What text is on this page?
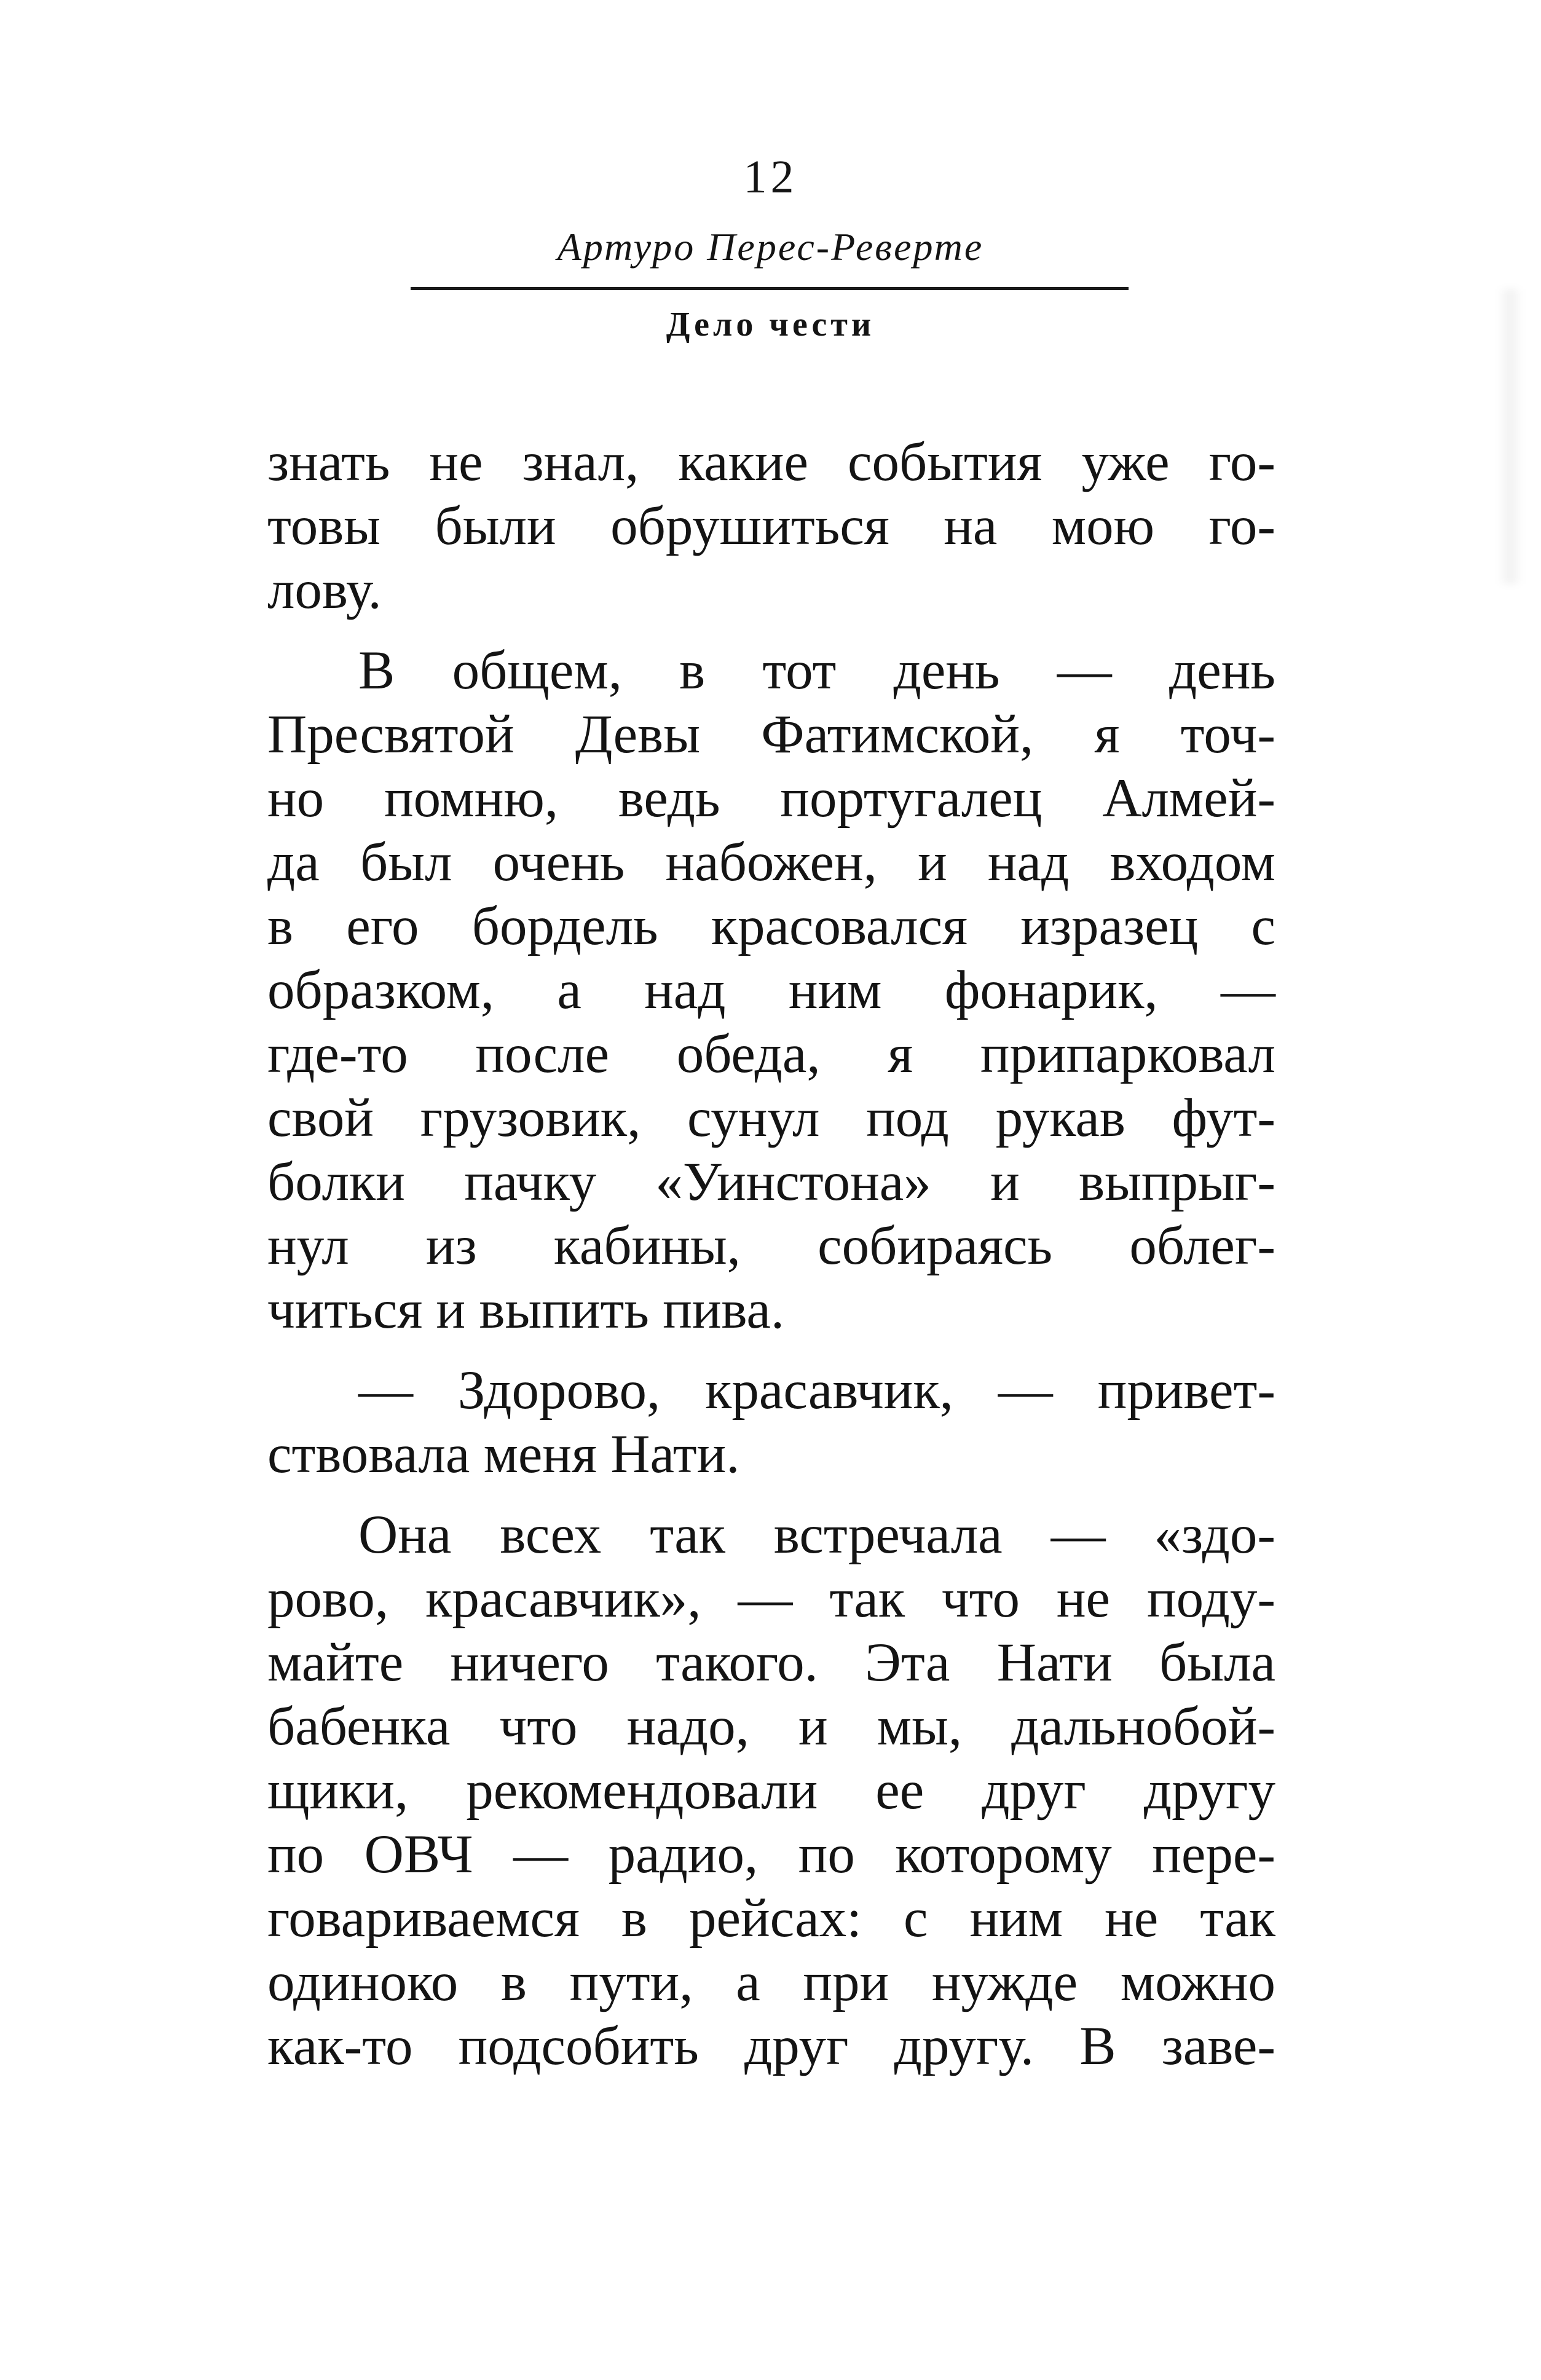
12
Артуро Перес-Реверте
Дело чести
знать не знал, какие события уже го-
товы были обрушиться на мою го-
лову.
В общем, в тот день — день
Пресвятой Девы Фатимской, я точ-
но помню, ведь португалец Алмей-
да был очень набожен, и над входом
в его бордель красовался изразец с
образком, а над ним фонарик, —
где-то после обеда, я припарковал
свой грузовик, сунул под рукав фут-
болки пачку «Уинстона» и выпрыг-
нул из кабины, собираясь облег-
читься и выпить пива.
— Здорово, красавчик, — привет-
ствовала меня Нати.
Она всех так встречала — «здо-
рово, красавчик», — так что не поду-
майте ничего такого. Эта Нати была
бабенка что надо, и мы, дальнобой-
щики, рекомендовали ее друг другу
по ОВЧ — радио, по которому пере-
говариваемся в рейсах: с ним не так
одиноко в пути, а при нужде можно
как-то подсобить друг другу. В заве-
